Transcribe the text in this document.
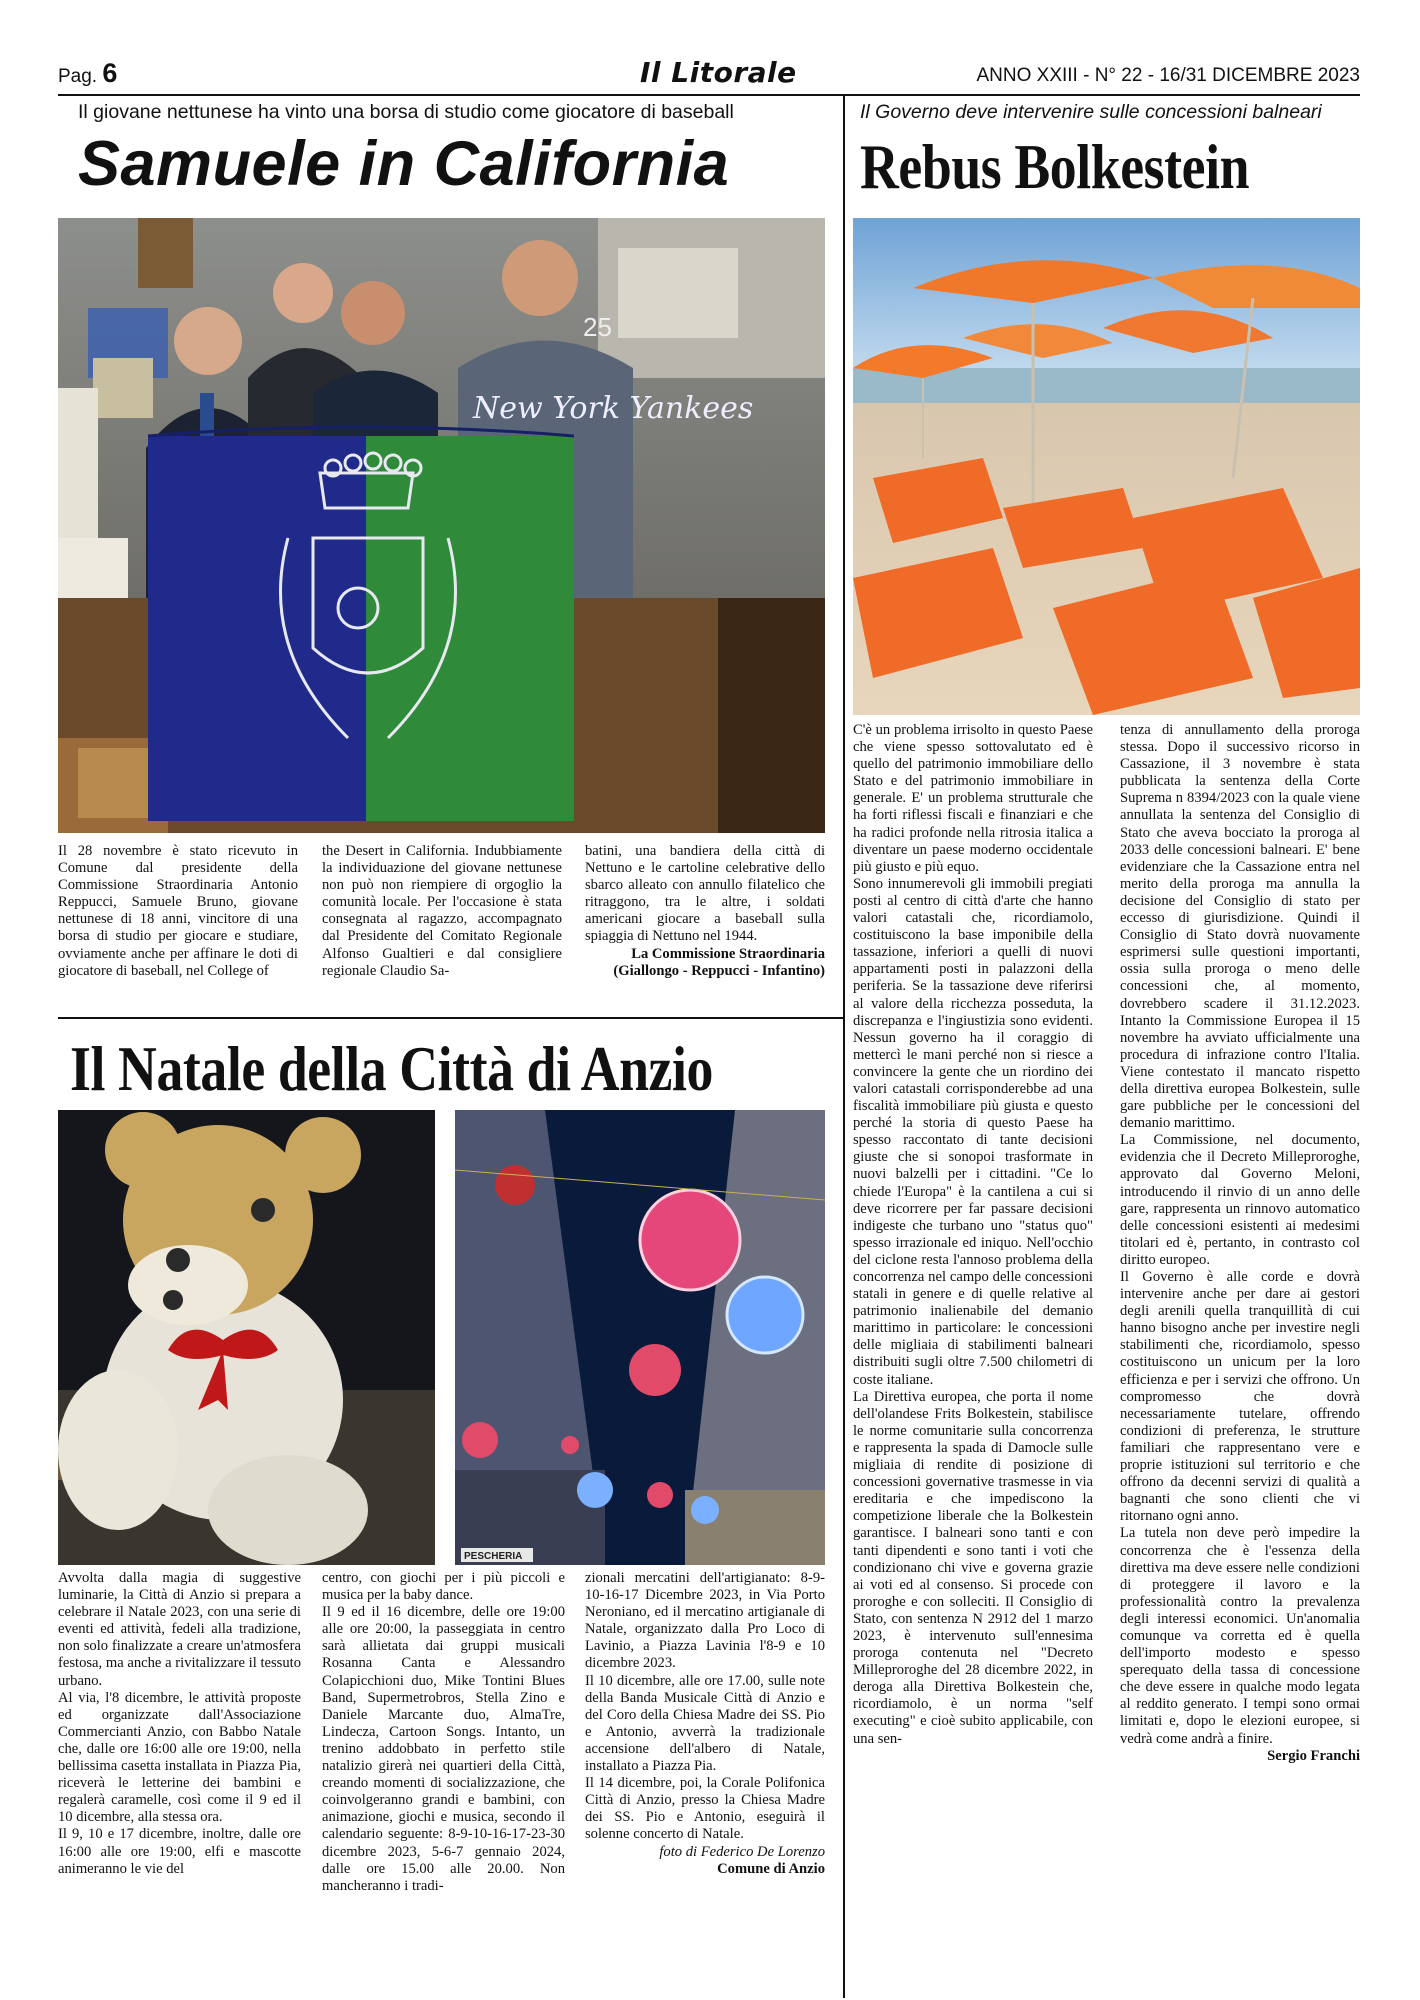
Pag. 6	Il Litorale	ANNO XXIII - N° 22 - 16/31 DICEMBRE 2023
Il giovane nettunese ha vinto una borsa di studio come giocatore di baseball
Samuele in California
25
New York Yankees

Il 28 novembre è stato ricevuto in Comune dal presidente della Commissione Straordinaria Antonio Reppucci, Samuele Bruno, giovane nettunese di 18 anni, vincitore di una borsa di studio per giocare e studiare, ovviamente anche per affinare le doti di giocatore di baseball, nel College of

the Desert in California. Indubbiamente la individuazione del giovane nettunese non può non riempiere di orgoglio la comunità locale. Per l'occasione è stata consegnata al ragazzo, accompagnato dal Presidente del Comitato Regionale Alfonso Gualtieri e dal consigliere regionale Claudio Sa-

batini, una bandiera della città di Nettuno e le cartoline celebrative dello sbarco alleato con annullo filatelico che ritraggono, tra le altre, i soldati americani giocare a baseball sulla spiaggia di Nettuno nel 1944.

La Commissione Straordinaria

(Giallongo - Reppucci - Infantino)

Il Natale della Città di Anzio
PESCHERIA

Avvolta dalla magia di suggestive luminarie, la Città di Anzio si prepara a celebrare il Natale 2023, con una serie di eventi ed attività, fedeli alla tradizione, non solo finalizzate a creare un'atmosfera festosa, ma anche a rivitalizzare il tessuto urbano.

Al via, l'8 dicembre, le attività proposte ed organizzate dall'Associazione Commercianti Anzio, con Babbo Natale che, dalle ore 16:00 alle ore 19:00, nella bellissima casetta installata in Piazza Pia, riceverà le letterine dei bambini e regalerà caramelle, così come il 9 ed il 10 dicembre, alla stessa ora.

Il 9, 10 e 17 dicembre, inoltre, dalle ore 16:00 alle ore 19:00, elfi e mascotte animeranno le vie del

centro, con giochi per i più piccoli e musica per la baby dance.

Il 9 ed il 16 dicembre, delle ore 19:00 alle ore 20:00, la passeggiata in centro sarà allietata dai gruppi musicali Rosanna Canta e Alessandro Colapicchioni duo, Mike Tontini Blues Band, Supermetrobros, Stella Zino e Daniele Marcante duo, AlmaTre, Lindecza, Cartoon Songs. Intanto, un trenino addobbato in perfetto stile natalizio girerà nei quartieri della Città, creando momenti di socializzazione, che coinvolgeranno grandi e bambini, con animazione, giochi e musica, secondo il calendario seguente: 8-9-10-16-17-23-30 dicembre 2023, 5-6-7 gennaio 2024, dalle ore 15.00 alle 20.00. Non mancheranno i tradi-

zionali mercatini dell'artigianato: 8-9-10-16-17 Dicembre 2023, in Via Porto Neroniano, ed il mercatino artigianale di Natale, organizzato dalla Pro Loco di Lavinio, a Piazza Lavinia l'8-9 e 10 dicembre 2023.

Il 10 dicembre, alle ore 17.00, sulle note della Banda Musicale Città di Anzio e del Coro della Chiesa Madre dei SS. Pio e Antonio, avverrà la tradizionale accensione dell'albero di Natale, installato a Piazza Pia.

Il 14 dicembre, poi, la Corale Polifonica Città di Anzio, presso la Chiesa Madre dei SS. Pio e Antonio, eseguirà il solenne concerto di Natale.

foto di Federico De Lorenzo

Comune di Anzio

Il Governo deve intervenire sulle concessioni balneari
Rebus Bolkestein

C'è un problema irrisolto in questo Paese che viene spesso sottovalutato ed è quello del patrimonio immobiliare dello Stato e del patrimonio immobiliare in generale. E' un problema strutturale che ha forti riflessi fiscali e finanziari e che ha radici profonde nella ritrosia italica a diventare un paese moderno occidentale più giusto e più equo.

Sono innumerevoli gli immobili pregiati posti al centro di città d'arte che hanno valori catastali che, ricordiamolo, costituiscono la base imponibile della tassazione, inferiori a quelli di nuovi appartamenti posti in palazzoni della periferia. Se la tassazione deve riferirsi al valore della ricchezza posseduta, la discrepanza e l'ingiustizia sono evidenti. Nessun governo ha il coraggio di mettercì le mani perché non si riesce a convincere la gente che un riordino dei valori catastali corrisponderebbe ad una fiscalità immobiliare più giusta e questo perché la storia di questo Paese ha spesso raccontato di tante decisioni giuste che si sonopoi trasformate in nuovi balzelli per i cittadini. "Ce lo chiede l'Europa" è la cantilena a cui si deve ricorrere per far passare decisioni indigeste che turbano uno "status quo" spesso irrazionale ed iniquo. Nell'occhio del ciclone resta l'annoso problema della concorrenza nel campo delle concessioni statali in genere e di quelle relative al patrimonio inalienabile del demanio marittimo in particolare: le concessioni delle migliaia di stabilimenti balneari distribuiti sugli oltre 7.500 chilometri di coste italiane.

La Direttiva europea, che porta il nome dell'olandese Frits Bolkestein, stabilisce le norme comunitarie sulla concorrenza e rappresenta la spada di Damocle sulle migliaia di rendite di posizione di concessioni governative trasmesse in via ereditaria e che impediscono la competizione liberale che la Bolkestein garantisce. I balneari sono tanti e con tanti dipendenti e sono tanti i voti che condizionano chi vive e governa grazie ai voti ed al consenso. Si procede con proroghe e con solleciti. Il Consiglio di Stato, con sentenza N 2912 del 1 marzo 2023, è intervenuto sull'ennesima proroga contenuta nel "Decreto Milleproroghe del 28 dicembre 2022, in deroga alla Direttiva Bolkestein che, ricordiamolo, è un norma "self executing" e cioè subito applicabile, con una sen-

tenza di annullamento della proroga stessa. Dopo il successivo ricorso in Cassazione, il 3 novembre è stata pubblicata la sentenza della Corte Suprema n 8394/2023 con la quale viene annullata la sentenza del Consiglio di Stato che aveva bocciato la proroga al 2033 delle concessioni balneari. E' bene evidenziare che la Cassazione entra nel merito della proroga ma annulla la decisione del Consiglio di stato per eccesso di giurisdizione. Quindi il Consiglio di Stato dovrà nuovamente esprimersi sulle questioni importanti, ossia sulla proroga o meno delle concessioni che, al momento, dovrebbero scadere il 31.12.2023. Intanto la Commissione Europea il 15 novembre ha avviato ufficialmente una procedura di infrazione contro l'Italia. Viene contestato il mancato rispetto della direttiva europea Bolkestein, sulle gare pubbliche per le concessioni del demanio marittimo.

La Commissione, nel documento, evidenzia che il Decreto Milleproroghe, approvato dal Governo Meloni, introducendo il rinvio di un anno delle gare, rappresenta un rinnovo automatico delle concessioni esistenti ai medesimi titolari ed è, pertanto, in contrasto col diritto europeo.

Il Governo è alle corde e dovrà intervenire anche per dare ai gestori degli arenili quella tranquillità di cui hanno bisogno anche per investire negli stabilimenti che, ricordiamolo, spesso costituiscono un unicum per la loro efficienza e per i servizi che offrono. Un compromesso che dovrà necessariamente tutelare, offrendo condizioni di preferenza, le strutture familiari che rappresentano vere e proprie istituzioni sul territorio e che offrono da decenni servizi di qualità a bagnanti che sono clienti che vi ritornano ogni anno.

La tutela non deve però impedire la concorrenza che è l'essenza della direttiva ma deve essere nelle condizioni di proteggere il lavoro e la professionalità contro la prevalenza degli interessi economici. Un'anomalia comunque va corretta ed è quella dell'importo modesto e spesso sperequato della tassa di concessione che deve essere in qualche modo legata al reddito generato. I tempi sono ormai limitati e, dopo le elezioni europee, si vedrà come andrà a finire.

Sergio Franchi
